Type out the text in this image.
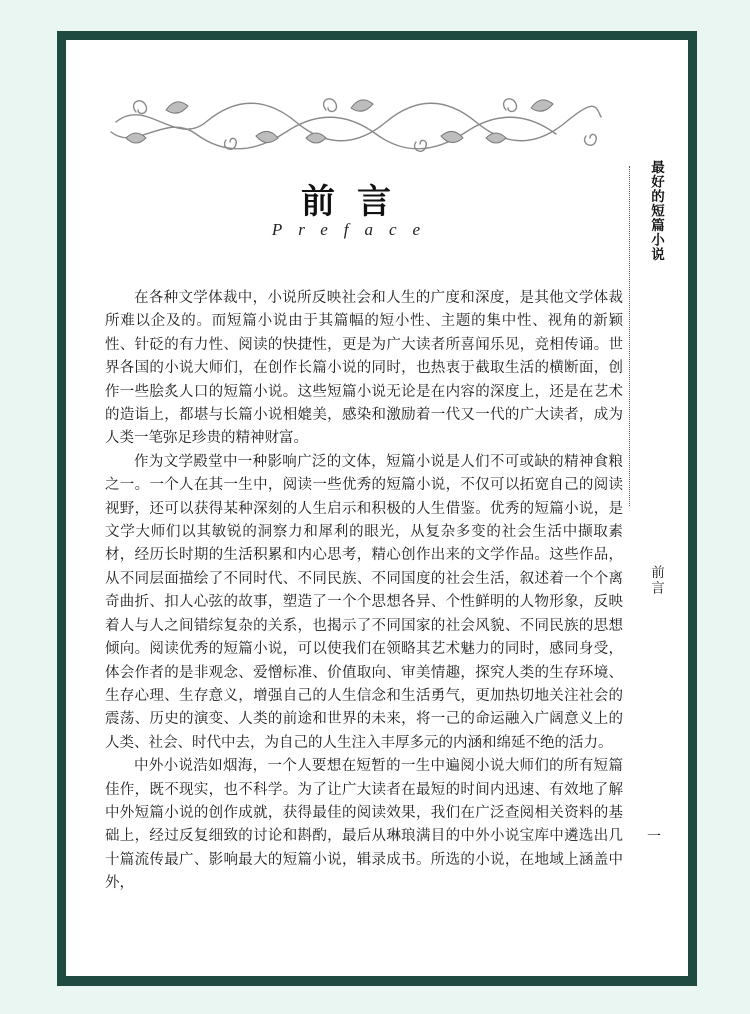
前言
Preface

在各种文学体裁中，小说所反映社会和人生的广度和深度，是其他文学体裁所难以企及的。而短篇小说由于其篇幅的短小性、主题的集中性、视角的新颖性、针砭的有力性、阅读的快捷性，更是为广大读者所喜闻乐见，竞相传诵。世界各国的小说大师们，在创作长篇小说的同时，也热衷于截取生活的横断面，创作一些脍炙人口的短篇小说。这些短篇小说无论是在内容的深度上，还是在艺术的造诣上，都堪与长篇小说相媲美，感染和激励着一代又一代的广大读者，成为人类一笔弥足珍贵的精神财富。

作为文学殿堂中一种影响广泛的文体，短篇小说是人们不可或缺的精神食粮之一。一个人在其一生中，阅读一些优秀的短篇小说，不仅可以拓宽自己的阅读视野，还可以获得某种深刻的人生启示和积极的人生借鉴。优秀的短篇小说，是文学大师们以其敏锐的洞察力和犀利的眼光，从复杂多变的社会生活中撷取素材，经历长时期的生活积累和内心思考，精心创作出来的文学作品。这些作品，从不同层面描绘了不同时代、不同民族、不同国度的社会生活，叙述着一个个离奇曲折、扣人心弦的故事，塑造了一个个思想各异、个性鲜明的人物形象，反映着人与人之间错综复杂的关系，也揭示了不同国家的社会风貌、不同民族的思想倾向。阅读优秀的短篇小说，可以使我们在领略其艺术魅力的同时，感同身受，体会作者的是非观念、爱憎标准、价值取向、审美情趣，探究人类的生存环境、生存心理、生存意义，增强自己的人生信念和生活勇气，更加热切地关注社会的震荡、历史的演变、人类的前途和世界的未来，将一己的命运融入广阔意义上的人类、社会、时代中去，为自己的人生注入丰厚多元的内涵和绵延不绝的活力。

中外小说浩如烟海，一个人要想在短暂的一生中遍阅小说大师们的所有短篇佳作，既不现实，也不科学。为了让广大读者在最短的时间内迅速、有效地了解中外短篇小说的创作成就，获得最佳的阅读效果，我们在广泛查阅相关资料的基础上，经过反复细致的讨论和斟酌，最后从琳琅满目的中外小说宝库中遴选出几十篇流传最广、影响最大的短篇小说，辑录成书。所选的小说，在地域上涵盖中外，

最好的短篇小说
前言
一
